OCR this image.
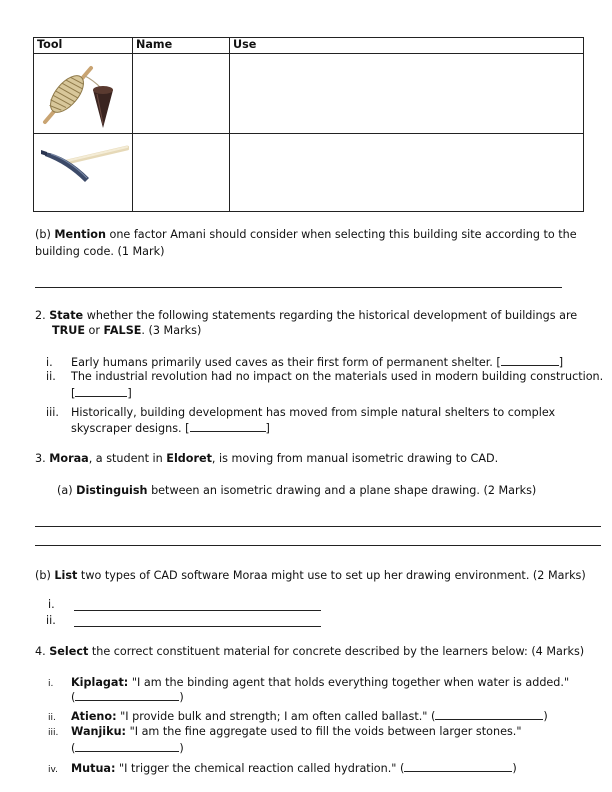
Tool	Name	Use

(b) Mention one factor Amani should consider when selecting this building site according to the
building code. (1 Mark)
2. State whether the following statements regarding the historical development of buildings are
TRUE or FALSE. (3 Marks)
i. Early humans primarily used caves as their first form of permanent shelter. [	]
ii. The industrial revolution had no impact on the materials used in modern building construction.
[	]
iii. Historically, building development has moved from simple natural shelters to complex
skyscraper designs. [	]
3. Moraa, a student in Eldoret, is moving from manual isometric drawing to CAD.
(a) Distinguish between an isometric drawing and a plane shape drawing. (2 Marks)
(b) List two types of CAD software Moraa might use to set up her drawing environment. (2 Marks)
i.
ii.
4. Select the correct constituent material for concrete described by the learners below: (4 Marks)
i. Kiplagat: "I am the binding agent that holds everything together when water is added."
(	)
ii. Atieno: "I provide bulk and strength; I am often called ballast." (	)
iii. Wanjiku: "I am the fine aggregate used to fill the voids between larger stones."
(	)
iv. Mutua: "I trigger the chemical reaction called hydration." (	)
